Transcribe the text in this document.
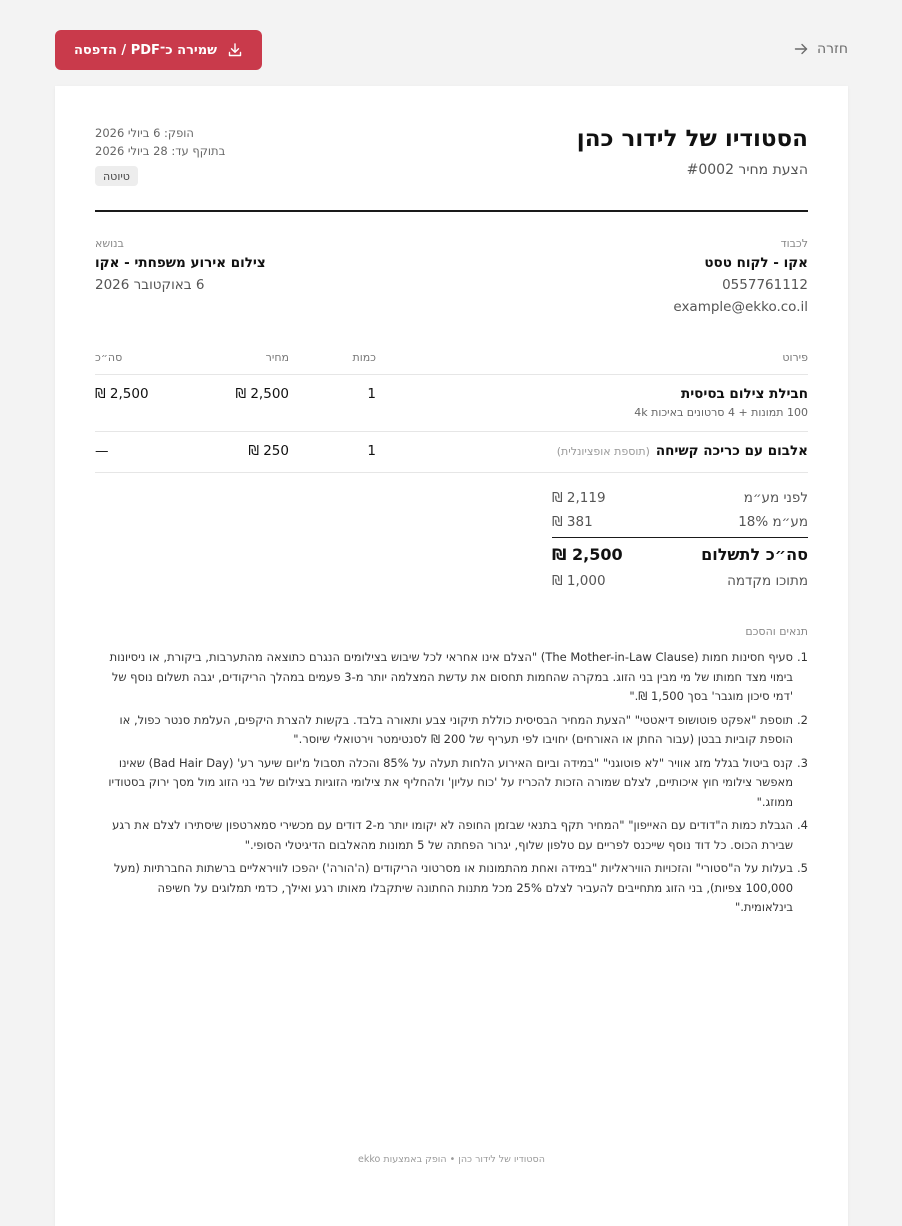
חזרה
שמירה כ־PDF / הדפסה
הסטודיו של לידור כהן
הצעת מחיר #0002
הופק: 6 ביולי 2026
בתוקף עד: 28 ביולי 2026
טיוטה
לכבוד
אקו - לקוח טסט
0557761112
example@ekko.co.il
בנושא
צילום אירוע משפחתי - אקו
6 באוקטובר 2026
פירוט
כמות
מחיר
סה״כ
חבילת צילום בסיסית
100 תמונות + 4 סרטונים באיכות 4k
1
2,500 ₪
2,500 ₪
אלבום עם כריכה קשיחה(תוספת אופציונלית)
1
250 ₪
—
לפני מע״מ
2,119 ₪
מע״מ 18%
381 ₪
סה״כ לתשלום
2,500 ₪
מתוכו מקדמה
1,000 ₪
תנאים והסכם
1.
סעיף חסינות חמות (The Mother-in-Law Clause) "הצלם אינו אחראי לכל שיבוש בצילומים הנגרם כתוצאה מהתערבות, ביקורת, או ניסיונות בימוי מצד חמותו של מי מבין בני הזוג. במקרה שהחמות תחסום את עדשת המצלמה יותר מ-3 פעמים במהלך הריקודים, יגבה תשלום נוסף של 'דמי סיכון מוגבר' בסך 1,500 ₪."
2.
תוספת "אפקט פוטושופ דיאטטי" "הצעת המחיר הבסיסית כוללת תיקוני צבע ותאורה בלבד. בקשות להצרת היקפים, העלמת סנטר כפול, או הוספת קוביות בבטן (עבור החתן או האורחים) יחויבו לפי תעריף של 200 ₪ לסנטימטר וירטואלי שיוסר."
3.
קנס ביטול בגלל מזג אוויר "לא פוטוגני" "במידה וביום האירוע הלחות תעלה על 85% והכלה תסבול מ'יום שיער רע' (Bad Hair Day) שאינו מאפשר צילומי חוץ איכותיים, לצלם שמורה הזכות להכריז על 'כוח עליון' ולהחליף את צילומי הזוגיות בצילום של בני הזוג מול מסך ירוק בסטודיו ממוזג."
4.
הגבלת כמות ה"דודים עם האייפון" "המחיר תקף בתנאי שבזמן החופה לא יקומו יותר מ-2 דודים עם מכשירי סמארטפון שיסתירו לצלם את רגע שבירת הכוס. כל דוד נוסף שייכנס לפריים עם טלפון שלוף, יגרור הפחתה של 5 תמונות מהאלבום הדיגיטלי הסופי."
5.
בעלות על ה"סטורי" והזכויות הוויראליות "במידה ואחת מהתמונות או מסרטוני הריקודים (ה'הורה') יהפכו לוויראליים ברשתות החברתיות (מעל 100,000 צפיות), בני הזוג מתחייבים להעביר לצלם 25% מכל מתנות החתונה שיתקבלו מאותו רגע ואילך, כדמי תמלוגים על חשיפה בינלאומית."
הסטודיו של לידור כהן • הופק באמצעות ekko
